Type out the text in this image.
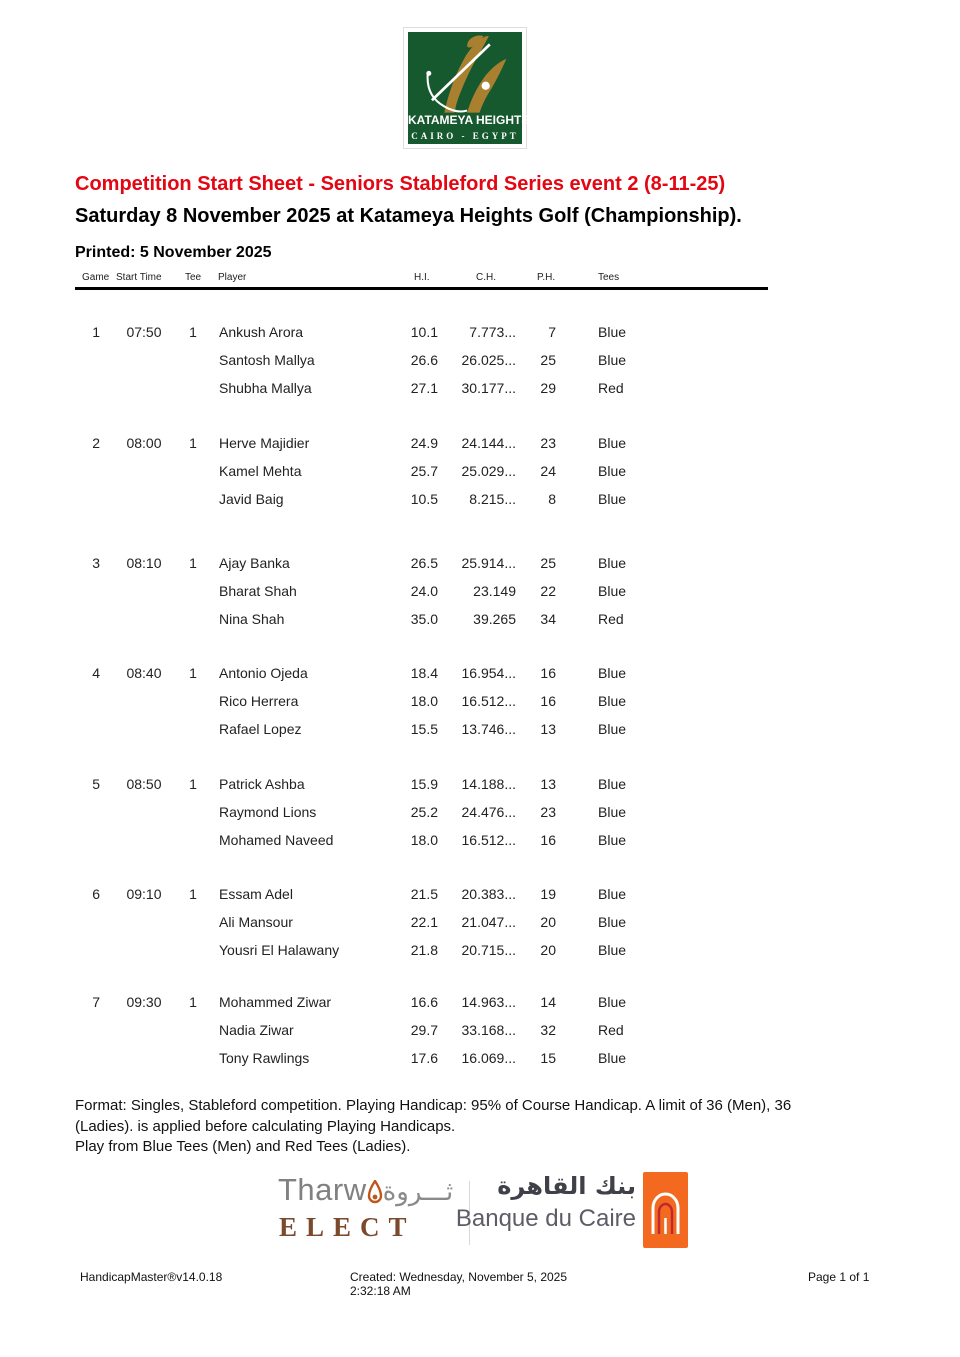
KATAMEYA HEIGHTS
CAIRO - EGYPT
Competition Start Sheet - Seniors Stableford Series event 2 (8-11-25)
Saturday 8 November 2025 at Katameya Heights Golf (Championship).
Printed: 5 November 2025
Game Start Time Tee Player	H.I.	C.H.	P.H.	Tees
1	07:50	1 Ankush Arora	10.1	7.773...	7	Blue
Santosh Mallya	26.6	26.025...	25	Blue
Shubha Mallya	27.1	30.177...	29	Red
2	08:00	1 Herve Majidier	24.9	24.144...	23	Blue
Kamel Mehta	25.7	25.029...	24	Blue
Javid Baig	10.5	8.215...	8	Blue
3	08:10	1 Ajay Banka	26.5	25.914...	25	Blue
Bharat Shah	24.0	23.149	22	Blue
Nina Shah	35.0	39.265	34	Red
4	08:40	1 Antonio Ojeda	18.4	16.954...	16	Blue
Rico Herrera	18.0	16.512...	16	Blue
Rafael Lopez	15.5	13.746...	13	Blue
5	08:50	1 Patrick Ashba	15.9	14.188...	13	Blue
Raymond Lions	25.2	24.476...	23	Blue
Mohamed Naveed	18.0	16.512...	16	Blue
6	09:10	1 Essam Adel	21.5	20.383...	19	Blue
Ali Mansour	22.1	21.047...	20	Blue
Yousri El Halawany	21.8	20.715...	20	Blue
7	09:30	1 Mohammed Ziwar	16.6	14.963...	14	Blue
Nadia Ziwar	29.7	33.168...	32	Red
Tony Rawlings	17.6	16.069...	15	Blue
Format: Singles, Stableford competition. Playing Handicap: 95% of Course Handicap. A limit of 36 (Men), 36
(Ladies). is applied before calculating Playing Handicaps.
Play from Blue Tees (Men) and Red Tees (Ladies).
Tharw ثـــروة
ELECT
بنك القاهرة
Banque du Caire
HandicapMaster®v14.0.18	Created: Wednesday, November 5, 2025
2:32:18 AM
Page 1 of 1
